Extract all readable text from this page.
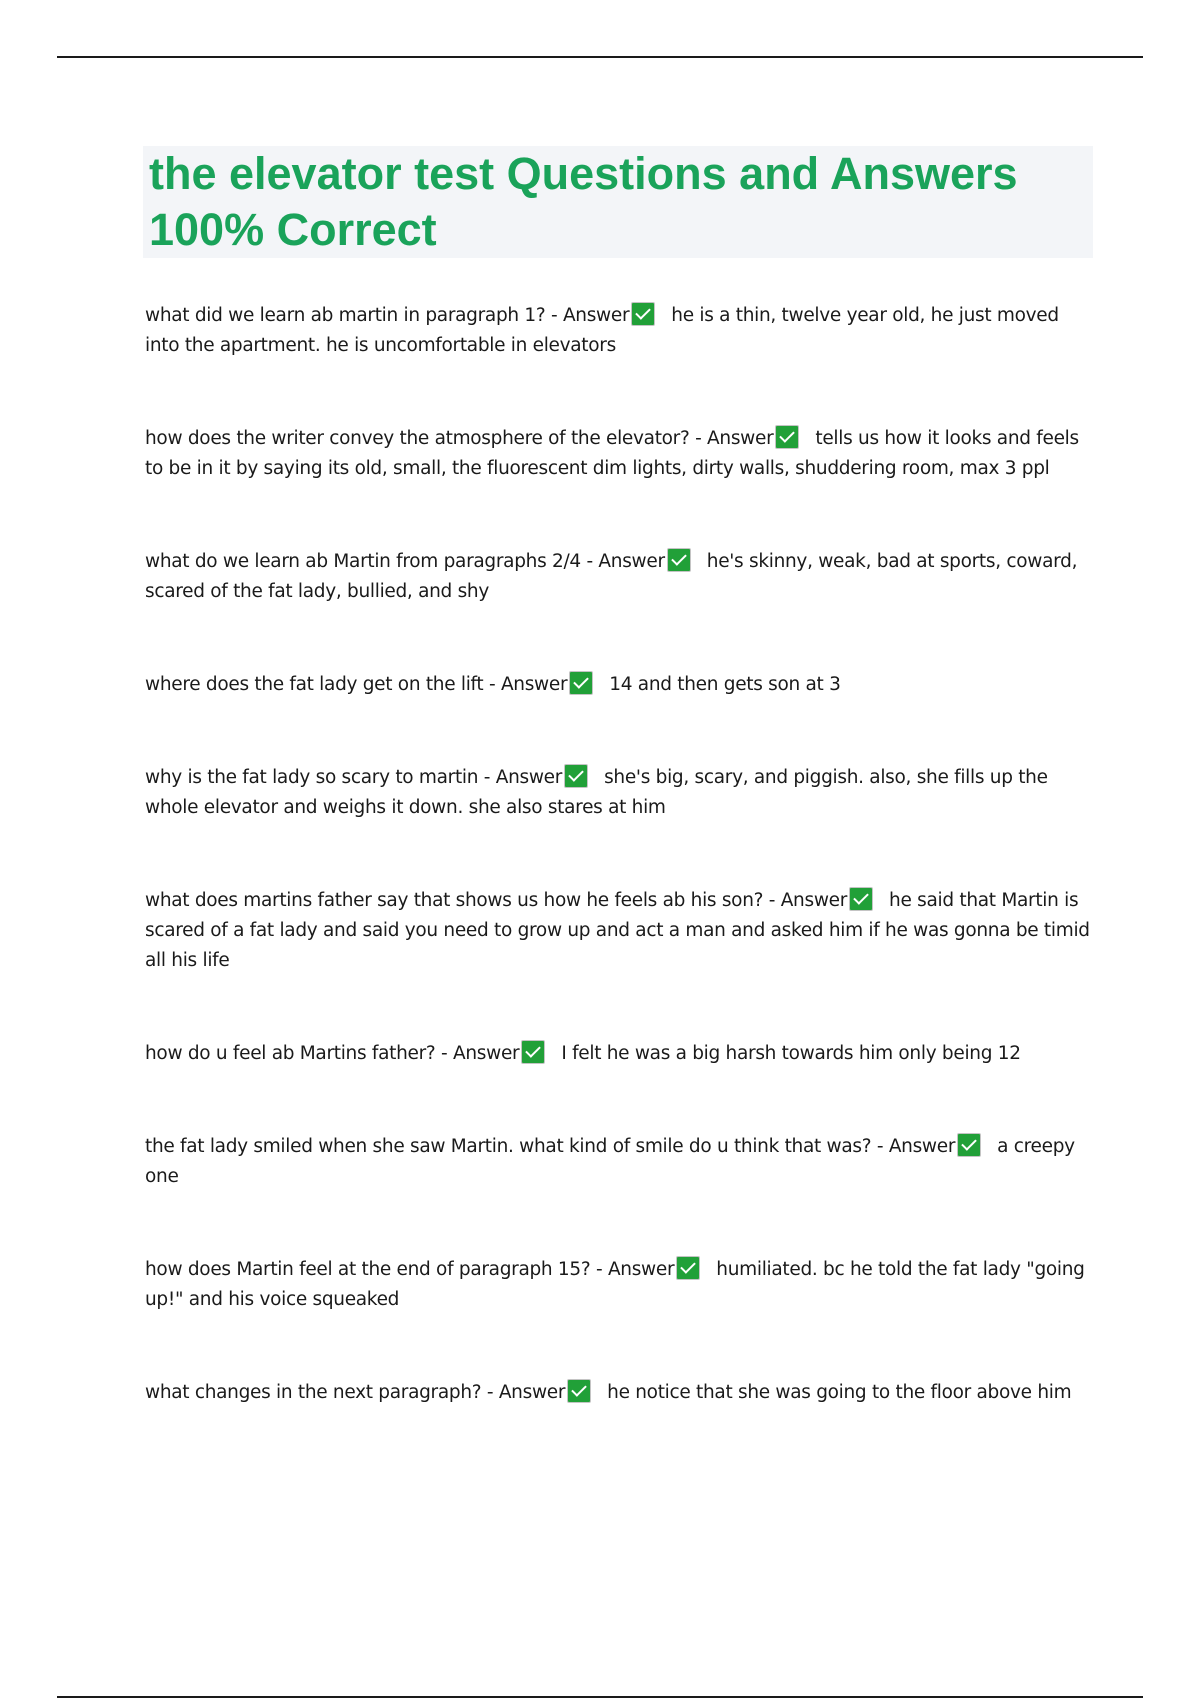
the elevator test Questions and Answers 100% Correct

what did we learn ab martin in paragraph 1? - Answer he is a thin, twelve year old, he just moved into the apartment. he is uncomfortable in elevators

how does the writer convey the atmosphere of the elevator? - Answer tells us how it looks and feels to be in it by saying its old, small, the fluorescent dim lights, dirty walls, shuddering room, max 3 ppl

what do we learn ab Martin from paragraphs 2/4 - Answer he's skinny, weak, bad at sports, coward, scared of the fat lady, bullied, and shy

where does the fat lady get on the lift - Answer 14 and then gets son at 3

why is the fat lady so scary to martin - Answer she's big, scary, and piggish. also, she fills up the whole elevator and weighs it down. she also stares at him

what does martins father say that shows us how he feels ab his son? - Answer he said that Martin is scared of a fat lady and said you need to grow up and act a man and asked him if he was gonna be timid all his life

how do u feel ab Martins father? - Answer I felt he was a big harsh towards him only being 12

the fat lady smiled when she saw Martin. what kind of smile do u think that was? - Answer a creepy one

how does Martin feel at the end of paragraph 15? - Answer humiliated. bc he told the fat lady "going up!" and his voice squeaked

what changes in the next paragraph? - Answer he notice that she was going to the floor above him
